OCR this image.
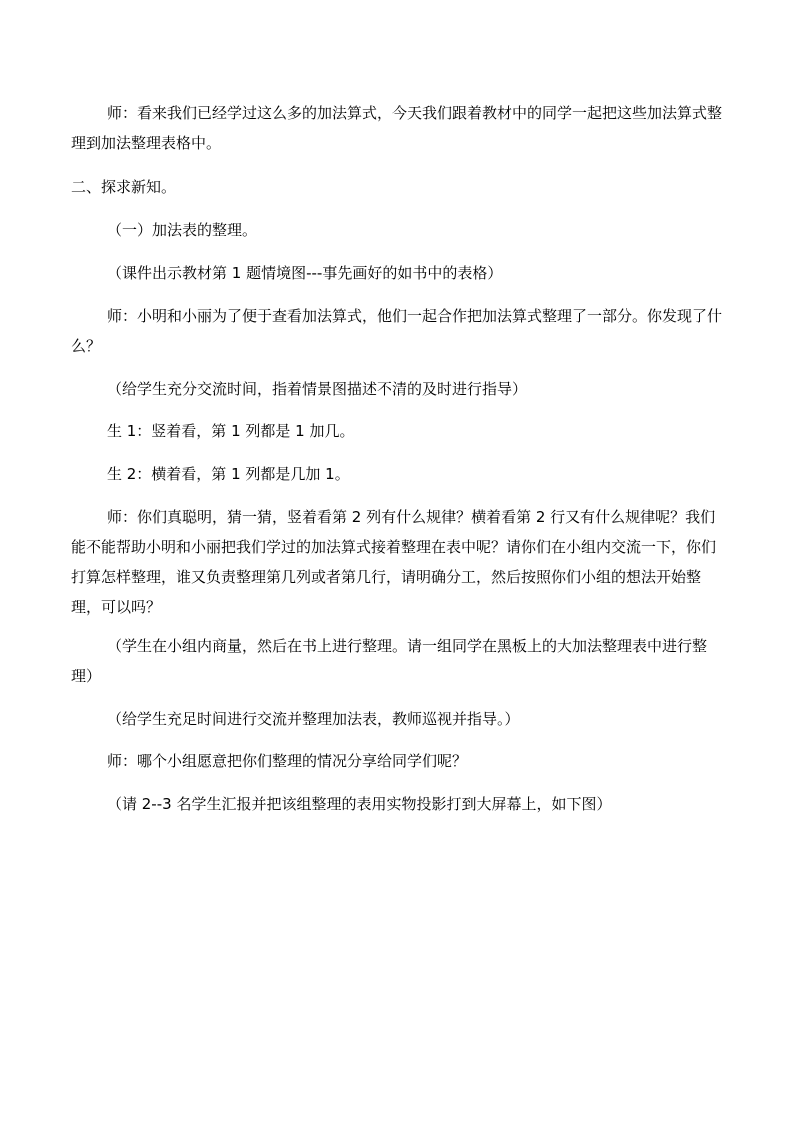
师：看来我们已经学过这么多的加法算式，今天我们跟着教材中的同学一起把这些加法算式整理到加法整理表格中。

二、探求新知。

（一）加法表的整理。

（课件出示教材第 1 题情境图---事先画好的如书中的表格）

师：小明和小丽为了便于查看加法算式，他们一起合作把加法算式整理了一部分。你发现了什么？

（给学生充分交流时间，指着情景图描述不清的及时进行指导）

生 1：竖着看，第 1 列都是 1 加几。

生 2：横着看，第 1 列都是几加 1。

师：你们真聪明，猜一猜，竖着看第 2 列有什么规律？横着看第 2 行又有什么规律呢？我们能不能帮助小明和小丽把我们学过的加法算式接着整理在表中呢？请你们在小组内交流一下，你们打算怎样整理，谁又负责整理第几列或者第几行，请明确分工，然后按照你们小组的想法开始整理，可以吗？

（学生在小组内商量，然后在书上进行整理。请一组同学在黑板上的大加法整理表中进行整理）

（给学生充足时间进行交流并整理加法表，教师巡视并指导。）

师：哪个小组愿意把你们整理的情况分享给同学们呢？

（请 2--3 名学生汇报并把该组整理的表用实物投影打到大屏幕上，如下图）
